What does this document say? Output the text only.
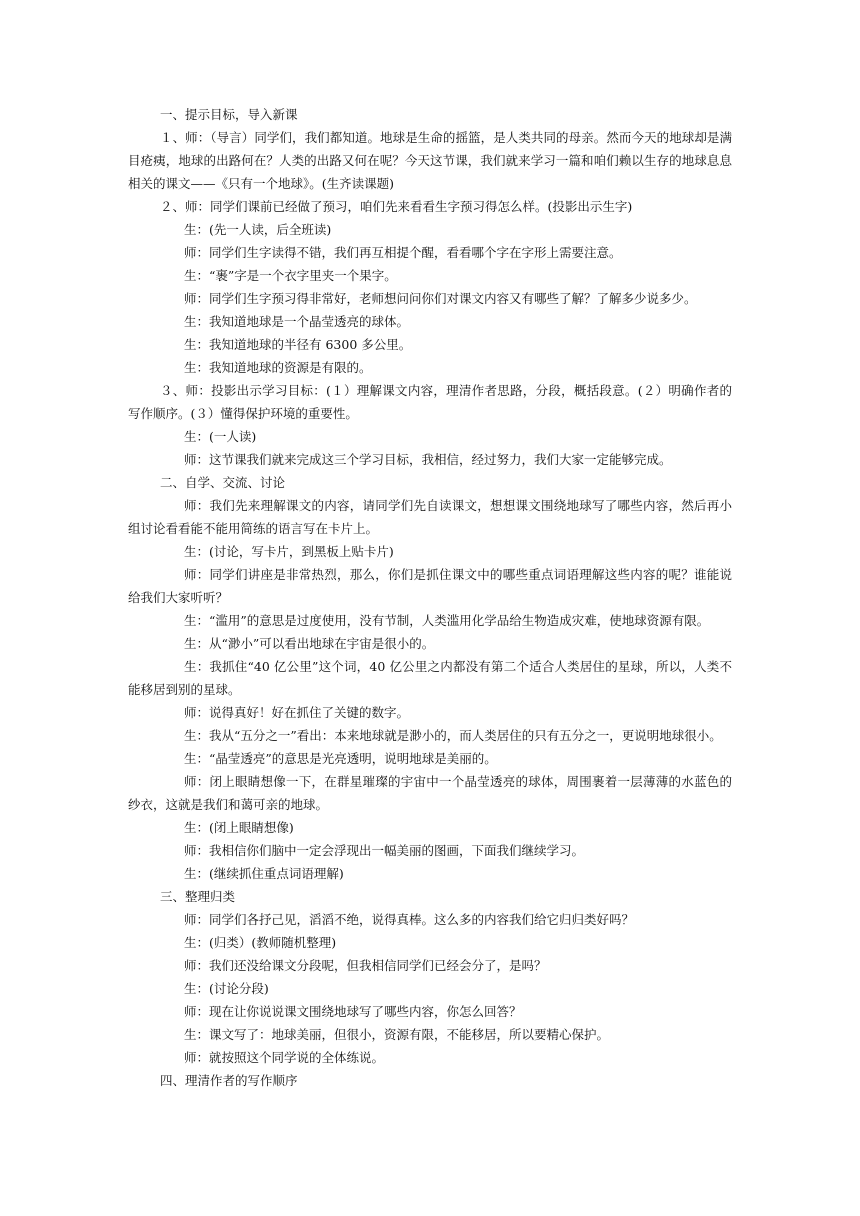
一、提示目标，导入新课

１、师：（导言）同学们，我们都知道。地球是生命的摇篮，是人类共同的母亲。然而今天的地球却是满目疮痍，地球的出路何在？人类的出路又何在呢？今天这节课，我们就来学习一篇和咱们赖以生存的地球息息相关的课文——《只有一个地球》。(生齐读课题)

２、师：同学们课前已经做了预习，咱们先来看看生字预习得怎么样。(投影出示生字)

生：(先一人读，后全班读)

师：同学们生字读得不错，我们再互相提个醒，看看哪个字在字形上需要注意。

生：“裹”字是一个衣字里夹一个果字。

师：同学们生字预习得非常好，老师想问问你们对课文内容又有哪些了解？了解多少说多少。

生：我知道地球是一个晶莹透亮的球体。

生：我知道地球的半径有 6300 多公里。

生：我知道地球的资源是有限的。

３、师：投影出示学习目标：(１）理解课文内容，理清作者思路，分段，概括段意。(２）明确作者的写作顺序。(３）懂得保护环境的重要性。

生：(一人读)

师：这节课我们就来完成这三个学习目标，我相信，经过努力，我们大家一定能够完成。

二、自学、交流、讨论

师：我们先来理解课文的内容，请同学们先自读课文，想想课文围绕地球写了哪些内容，然后再小组讨论看看能不能用简练的语言写在卡片上。

生：(讨论，写卡片，到黑板上贴卡片)

师：同学们讲座是非常热烈，那么，你们是抓住课文中的哪些重点词语理解这些内容的呢？谁能说给我们大家听听？

生：“滥用”的意思是过度使用，没有节制，人类滥用化学品给生物造成灾难，使地球资源有限。

生：从“渺小”可以看出地球在宇宙是很小的。

生：我抓住“40 亿公里”这个词，40 亿公里之内都没有第二个适合人类居住的星球，所以，人类不能移居到别的星球。

师：说得真好！好在抓住了关键的数字。

生：我从“五分之一”看出：本来地球就是渺小的，而人类居住的只有五分之一，更说明地球很小。

生：“晶莹透亮”的意思是光亮透明，说明地球是美丽的。

师：闭上眼睛想像一下，在群星璀璨的宇宙中一个晶莹透亮的球体，周围裹着一层薄薄的水蓝色的纱衣，这就是我们和蔼可亲的地球。

生：(闭上眼睛想像)

师：我相信你们脑中一定会浮现出一幅美丽的图画，下面我们继续学习。

生：(继续抓住重点词语理解)

三、整理归类

师：同学们各抒己见，滔滔不绝，说得真棒。这么多的内容我们给它归归类好吗？

生：(归类）(教师随机整理)

师：我们还没给课文分段呢，但我相信同学们已经会分了，是吗？

生：(讨论分段)

师：现在让你说说课文围绕地球写了哪些内容，你怎么回答？

生：课文写了：地球美丽，但很小，资源有限，不能移居，所以要精心保护。

师：就按照这个同学说的全体练说。

四、理清作者的写作顺序
